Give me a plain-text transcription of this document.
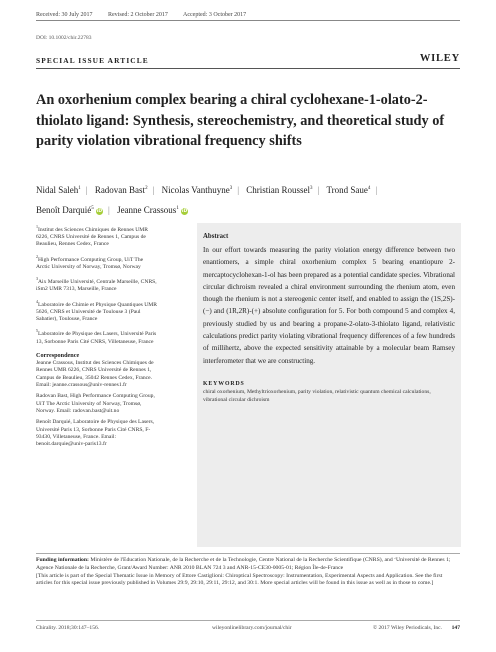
Received: 30 July 2017	Revised: 2 October 2017	Accepted: 3 October 2017
DOI: 10.1002/chir.22783
SPECIAL ISSUE ARTICLE	WILEY
An oxorhenium complex bearing a chiral cyclohexane-1-olato-2-thiolato ligand: Synthesis, stereochemistry, and theoretical study of parity violation vibrational frequency shifts
Nidal Saleh$^1$ | Radovan Bast$^2$ | Nicolas Vanthuyne$^3$ | Christian Roussel$^3$ | Trond Saue$^4$ |
Benoît Darquié$^5$ iD | Jeanne Crassous$^1$ iD
$^1$Institut des Sciences Chimiques de Rennes UMR 6226, CNRS Université de Rennes 1, Campus de Beaulieu, Rennes Cedex, France
$^2$High Performance Computing Group, UiT The Arctic University of Norway, Tromsø, Norway
$^3$Aix Marseille Université, Centrale Marseille, CNRS, iSm2 UMR 7313, Marseille, France
$^4$Laboratoire de Chimie et Physique Quantiques UMR 5626, CNRS et Université de Toulouse 3 (Paul Sabatier), Toulouse, France
$^5$Laboratoire de Physique des Lasers, Université Paris 13, Sorbonne Paris Cité CNRS, Villetaneuse, France
Correspondence

Jeanne Crassous, Institut des Sciences Chimiques de Rennes UMR 6226, CNRS Université de Rennes 1, Campus de Beaulieu, 35042 Rennes Cedex, France. Email: jeanne.crassous@univ-rennes1.fr

Radovan Bast, High Performance Computing Group, UiT The Arctic University of Norway, Tromsø, Norway. Email: radovan.bast@uit.no

Benoît Darquié, Laboratoire de Physique des Lasers, Université Paris 13, Sorbonne Paris Cité CNRS, F-93430, Villetaneuse, France. Email: benoit.darquie@univ-paris13.fr

Abstract

In our effort towards measuring the parity violation energy difference between two enantiomers, a simple chiral oxorhenium complex 5 bearing enantiopure 2-mercaptocyclohexan-1-ol has been prepared as a potential candidate species. Vibrational circular dichroism revealed a chiral environment surrounding the rhenium atom, even though the rhenium is not a stereogenic center itself, and enabled to assign the (1S,2S)-(−) and (1R,2R)-(+) absolute configuration for 5. For both compound 5 and complex 4, previously studied by us and bearing a propane-2-olato-3-thiolato ligand, relativistic calculations predict parity violating vibrational frequency differences of a few hundreds of millihertz, above the expected sensitivity attainable by a molecular beam Ramsey interferometer that we are constructing.

KEYWORDS

chiral oxorhenium, Methyltrioxorhenium, parity violation, relativistic quantum chemical calculations, vibrational circular dichroism

Funding information: Ministère de l'Education Nationale, de la Recherche et de la Technologie, Centre National de la Recherche Scientifique (CNRS), and ʻUniversité de Rennes 1; Agence Nationale de la Recherche, Grant/Award Number: ANR 2010 BLAN 724 3 and ANR-15-CE30-0005-01; Région Île-de-France

[This article is part of the Special Thematic Issue in Memory of Ettore Castiglioni: Chiroptical Spectroscopy: Instrumentation, Experimental Aspects and Application. See the first articles for this special issue previously published in Volumes 29:9, 29:10, 29:11, 29:12, and 30:1. More special articles will be found in this issue as well as in those to come.]

Chirality. 2018;30:147–156.	wileyonlinelibrary.com/journal/chir	© 2017 Wiley Periodicals, Inc. 147
